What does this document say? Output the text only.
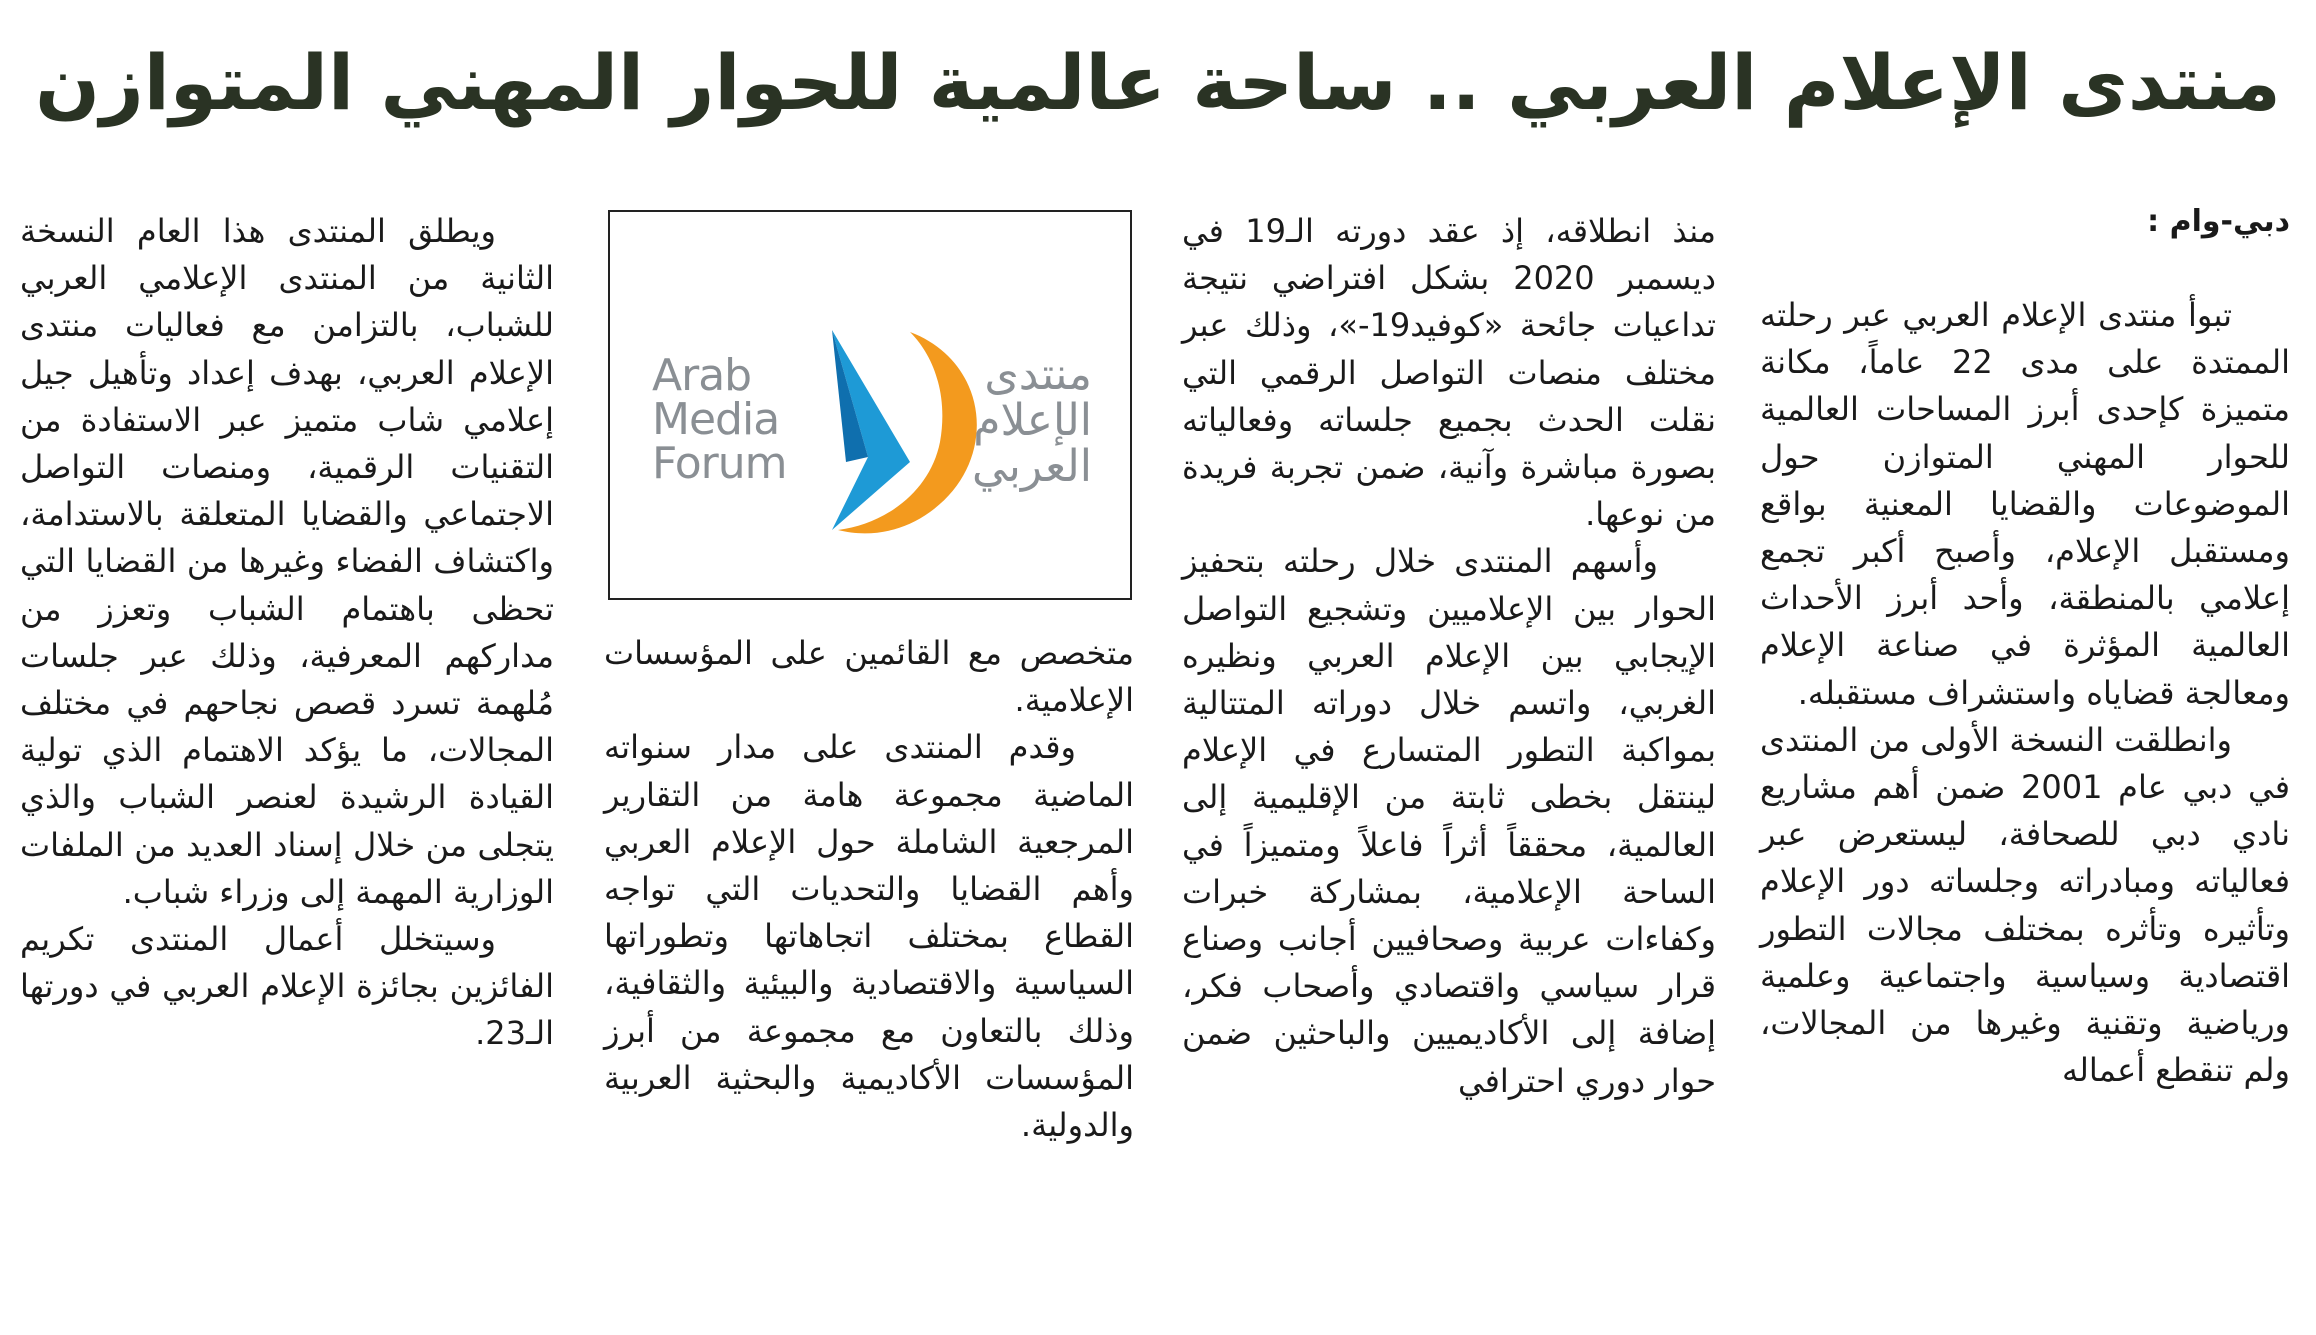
منتدى الإعلام العربي .. ساحة عالمية للحوار المهني المتوازن

دبي-وام :

تبوأ منتدى الإعلام العربي عبر رحلته الممتدة على مدى 22 عاماً، مكانة متميزة كإحدى أبرز المساحات العالمية للحوار المهني المتوازن حول الموضوعات والقضايا المعنية بواقع ومستقبل الإعلام، وأصبح أكبر تجمع إعلامي بالمنطقة، وأحد أبرز الأحداث العالمية المؤثرة في صناعة الإعلام ومعالجة قضاياه واستشراف مستقبله.

وانطلقت النسخة الأولى من المنتدى في دبي عام 2001 ضمن أهم مشاريع نادي دبي للصحافة، ليستعرض عبر فعالياته ومبادراته وجلساته دور الإعلام وتأثيره وتأثره بمختلف مجالات التطور اقتصادية وسياسية واجتماعية وعلمية ورياضية وتقنية وغيرها من المجالات، ولم تنقطع أعماله

منذ انطلاقه، إذ عقد دورته الـ19 في ديسمبر 2020 بشكل افتراضي نتيجة تداعيات جائحة «كوفيد19-»، وذلك عبر مختلف منصات التواصل الرقمي التي نقلت الحدث بجميع جلساته وفعالياته بصورة مباشرة وآنية، ضمن تجربة فريدة من نوعها.

وأسهم المنتدى خلال رحلته بتحفيز الحوار بين الإعلاميين وتشجيع التواصل الإيجابي بين الإعلام العربي ونظيره الغربي، واتسم خلال دوراته المتتالية بمواكبة التطور المتسارع في الإعلام لينتقل بخطى ثابتة من الإقليمية إلى العالمية، محققاً أثراً فاعلاً ومتميزاً في الساحة الإعلامية، بمشاركة خبرات وكفاءات عربية وصحافيين أجانب وصناع قرار سياسي واقتصادي وأصحاب فكر، إضافة إلى الأكاديميين والباحثين ضمن حوار دوري احترافي

Arab
Media
Forum
منتدى
الإعلام
العربي

متخصص مع القائمين على المؤسسات الإعلامية.

وقدم المنتدى على مدار سنواته الماضية مجموعة هامة من التقارير المرجعية الشاملة حول الإعلام العربي وأهم القضايا والتحديات التي تواجه القطاع بمختلف اتجاهاتها وتطوراتها السياسية والاقتصادية والبيئية والثقافية، وذلك بالتعاون مع مجموعة من أبرز المؤسسات الأكاديمية والبحثية العربية والدولية.

ويطلق المنتدى هذا العام النسخة الثانية من المنتدى الإعلامي العربي للشباب، بالتزامن مع فعاليات منتدى الإعلام العربي، بهدف إعداد وتأهيل جيل إعلامي شاب متميز عبر الاستفادة من التقنيات الرقمية، ومنصات التواصل الاجتماعي والقضايا المتعلقة بالاستدامة، واكتشاف الفضاء وغيرها من القضايا التي تحظى باهتمام الشباب وتعزز من مداركهم المعرفية، وذلك عبر جلسات مُلهمة تسرد قصص نجاحهم في مختلف المجالات، ما يؤكد الاهتمام الذي تولية القيادة الرشيدة لعنصر الشباب والذي يتجلى من خلال إسناد العديد من الملفات الوزارية المهمة إلى وزراء شباب.

وسيتخلل أعمال المنتدى تكريم الفائزين بجائزة الإعلام العربي في دورتها الـ23.
